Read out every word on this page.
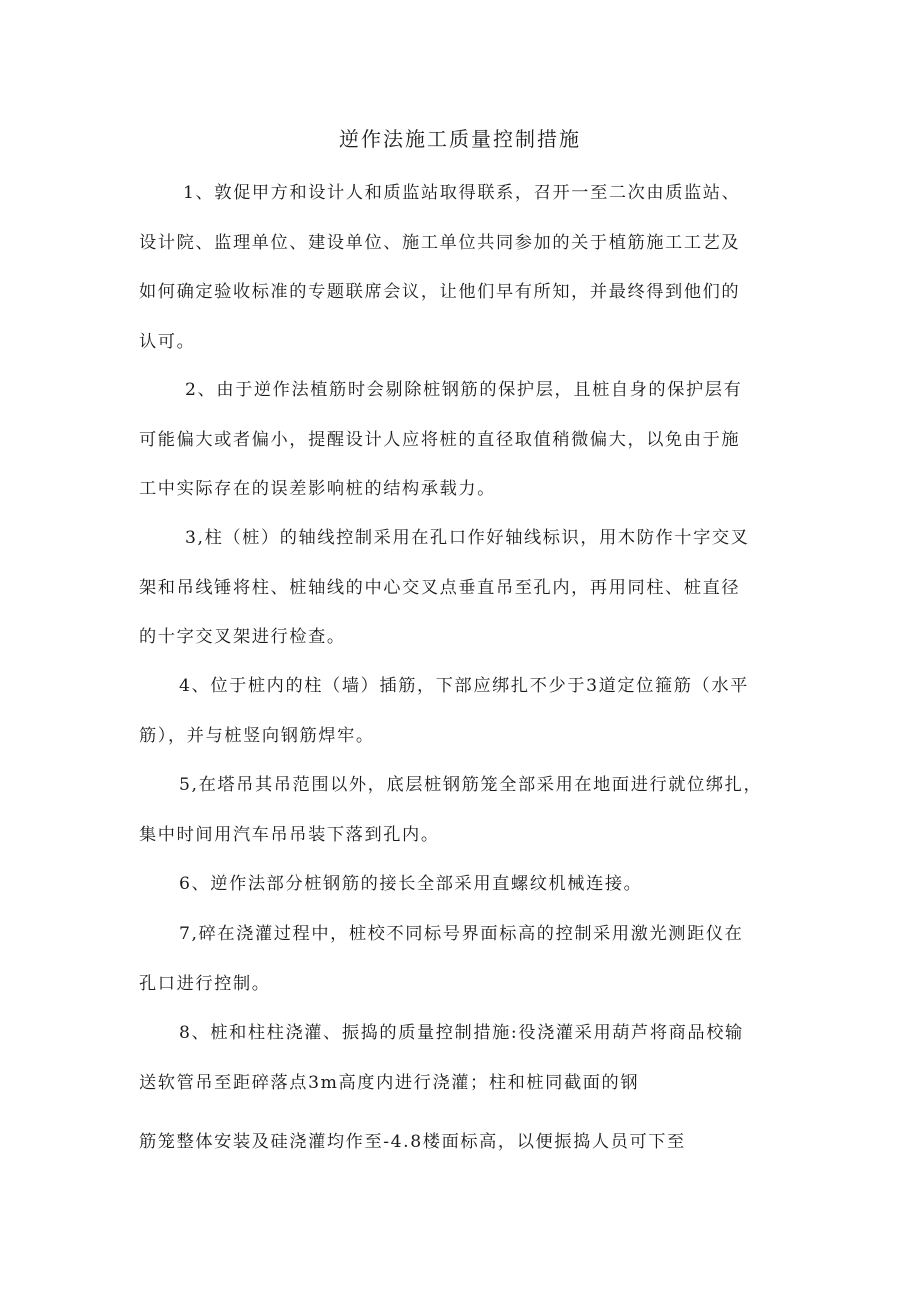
逆作法施工质量控制措施

1、敦促甲方和设计人和质监站取得联系，召开一至二次由质监站、
设计院、监理单位、建设单位、施工单位共同参加的关于植筋施工工艺及
如何确定验收标准的专题联席会议，让他们早有所知，并最终得到他们的
认可。

2、由于逆作法植筋时会剔除桩钢筋的保护层，且桩自身的保护层有
可能偏大或者偏小，提醒设计人应将桩的直径取值稍微偏大，以免由于施
工中实际存在的误差影响桩的结构承载力。

3,柱（桩）的轴线控制采用在孔口作好轴线标识，用木防作十字交叉
架和吊线锤将柱、桩轴线的中心交叉点垂直吊至孔内，再用同柱、桩直径
的十字交叉架进行检查。

4、位于桩内的柱（墙）插筋，下部应绑扎不少于3道定位箍筋（水平
筋），并与桩竖向钢筋焊牢。

5,在塔吊其吊范围以外，底层桩钢筋笼全部采用在地面进行就位绑扎，
集中时间用汽车吊吊装下落到孔内。

6、逆作法部分桩钢筋的接长全部采用直螺纹机械连接。

7,碎在浇灌过程中，桩校不同标号界面标高的控制采用激光测距仪在
孔口进行控制。

8、桩和柱柱浇灌、振捣的质量控制措施:役浇灌采用葫芦将商品校输
送软管吊至距碎落点3m高度内进行浇灌；柱和桩同截面的钢
筋笼整体安装及硅浇灌均作至-4.8楼面标高，以便振捣人员可下至
